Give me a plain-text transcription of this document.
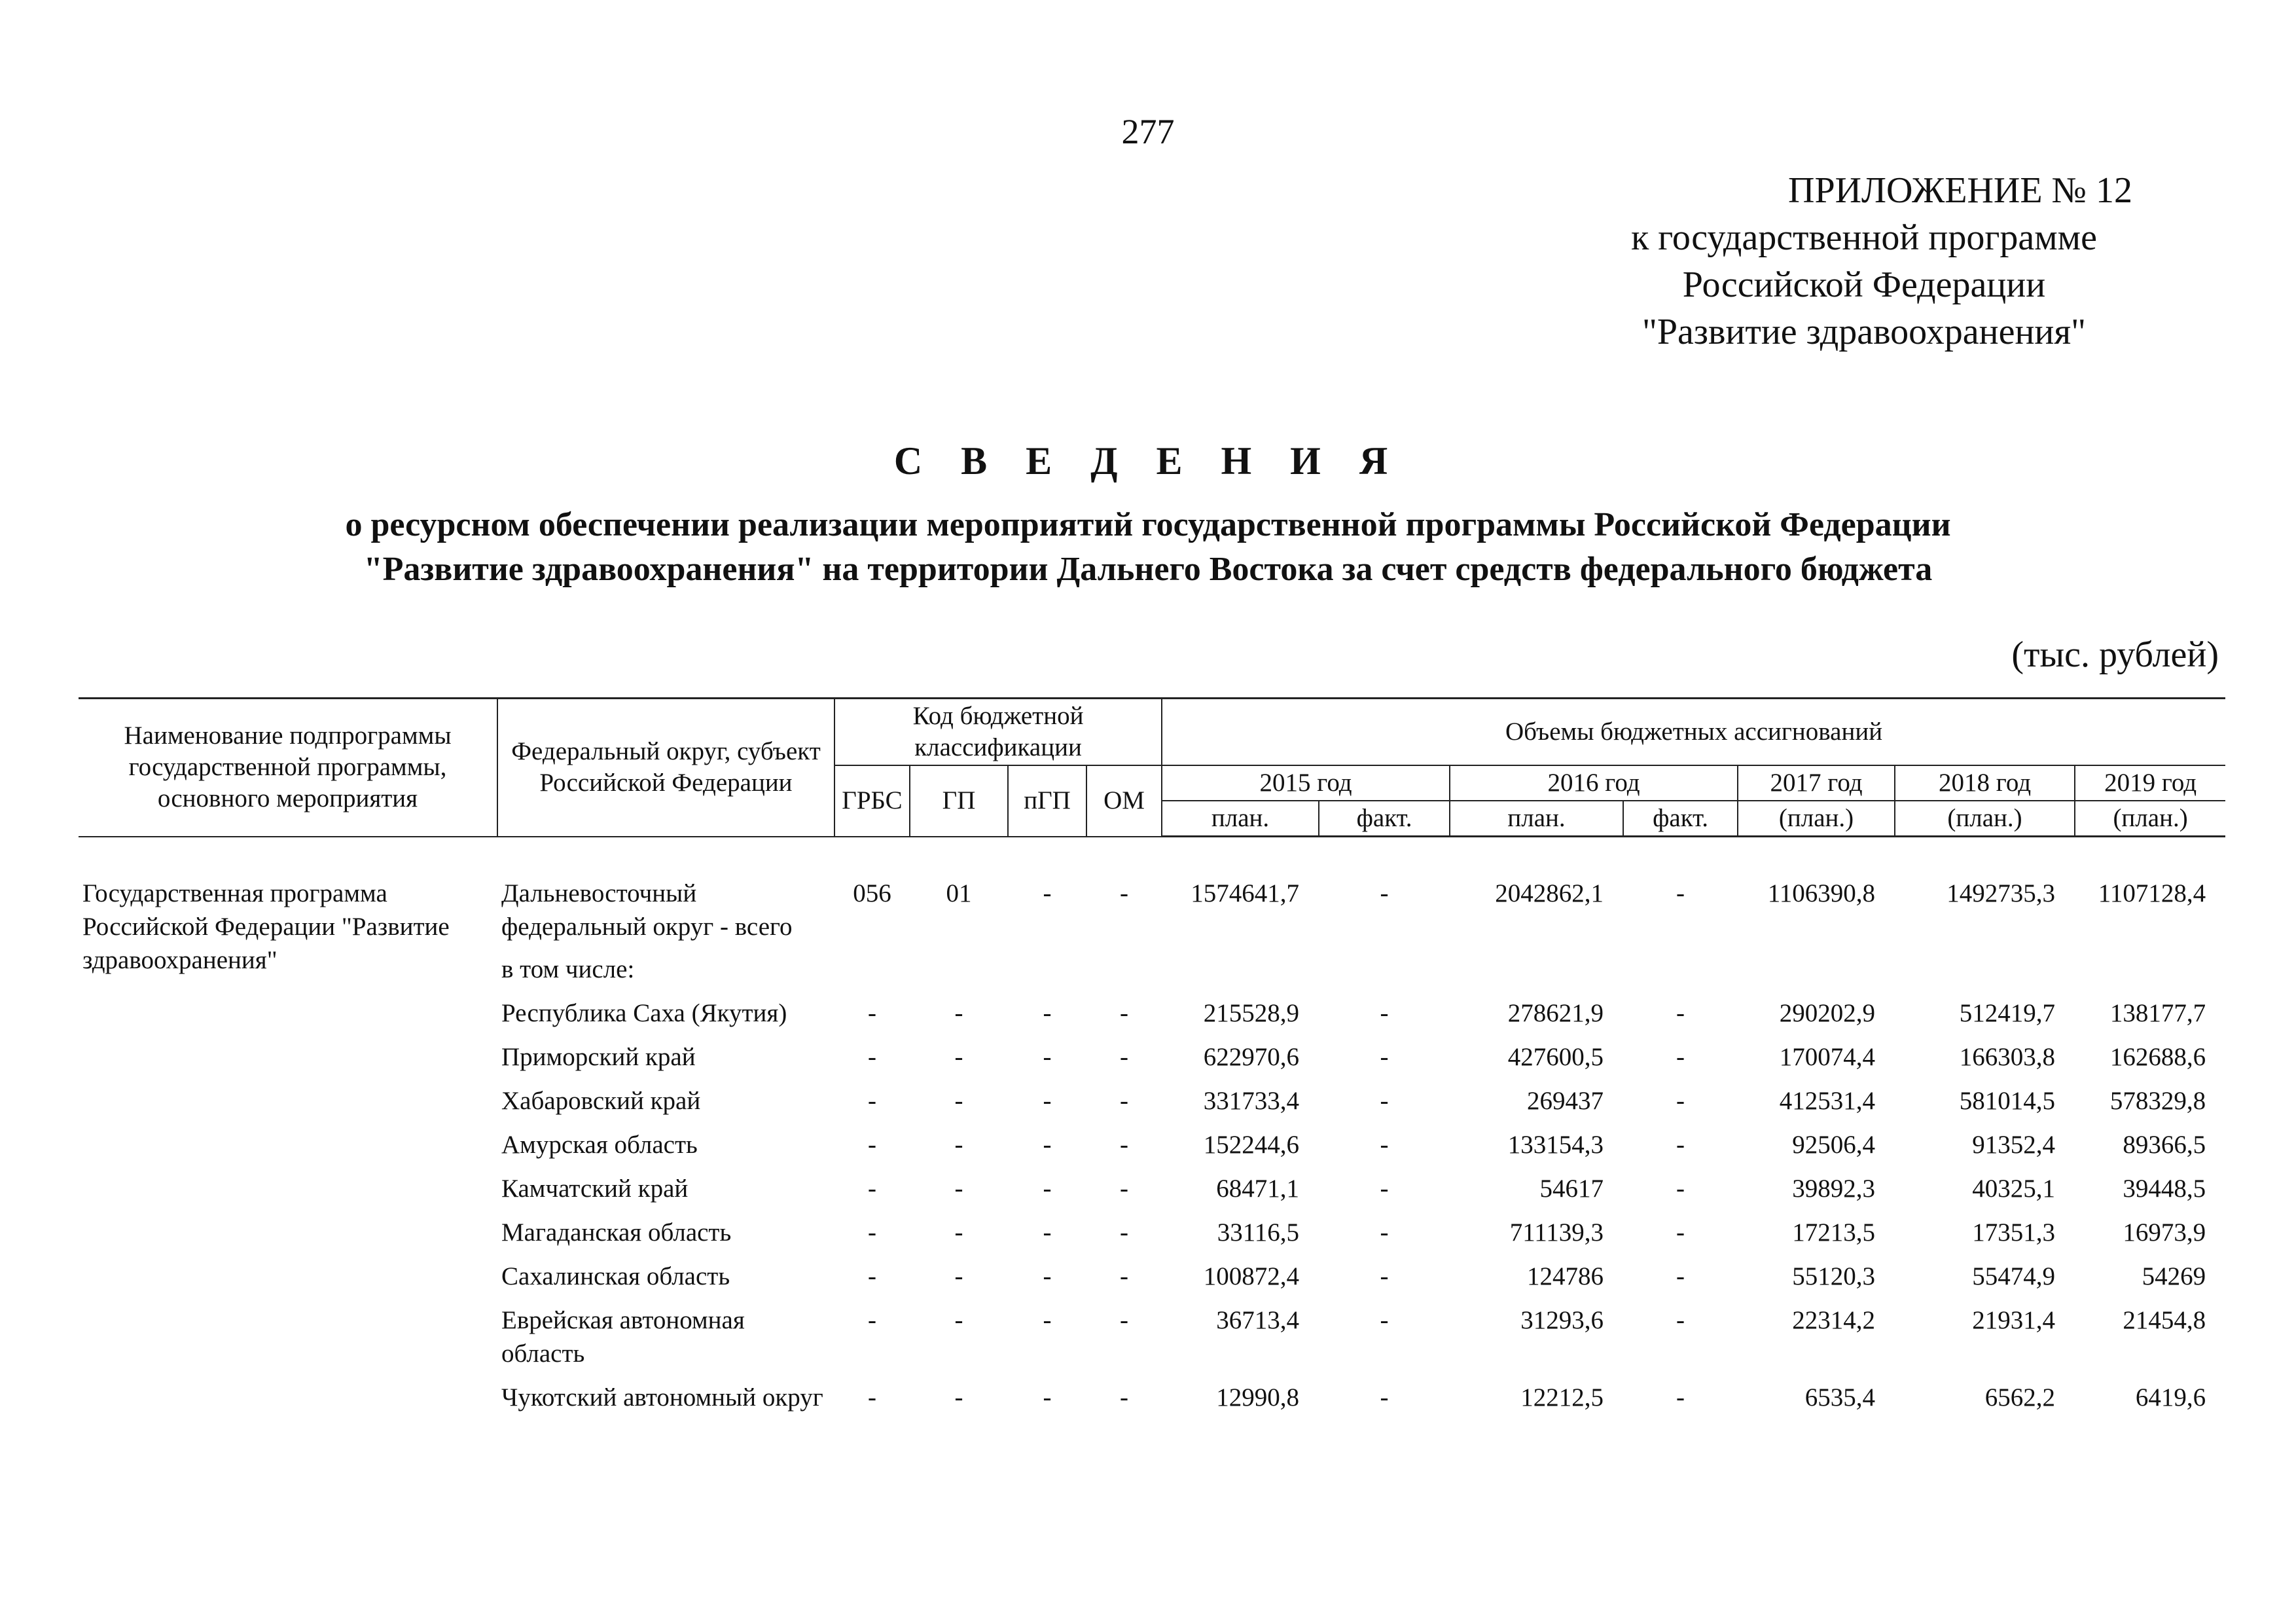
277
ПРИЛОЖЕНИЕ № 12
к государственной программе
Российской Федерации
"Развитие здравоохранения"
С В Е Д Е Н И Я
о ресурсном обеспечении реализации мероприятий государственной программы Российской Федерации
"Развитие здравоохранения" на территории Дальнего Востока за счет средств федерального бюджета
(тыс. рублей)
Наименование подпрограммы государственной программы, основного мероприятия	Федеральный округ, субъект Российской Федерации	Код бюджетной классификации				Объемы бюджетных ассигнований						
		ГРБС	ГП	пГП	ОМ	2015 год		2016 год		2017 год	2018 год	2019 год
						план.	факт.	план.	факт.	(план.)	(план.)	(план.)

Государственная программа Российской Федерации "Развитие здравоохранения"	Дальневосточный федеральный округ - всего	056	01	-	-	1574641,7	-	2042862,1	-	1106390,8	1492735,3	1107128,4
	в том числе:											
	Республика Саха (Якутия)	-	-	-	-	215528,9	-	278621,9	-	290202,9	512419,7	138177,7
	Приморский край	-	-	-	-	622970,6	-	427600,5	-	170074,4	166303,8	162688,6
	Хабаровский край	-	-	-	-	331733,4	-	269437	-	412531,4	581014,5	578329,8
	Амурская область	-	-	-	-	152244,6	-	133154,3	-	92506,4	91352,4	89366,5
	Камчатский край	-	-	-	-	68471,1	-	54617	-	39892,3	40325,1	39448,5
	Магаданская область	-	-	-	-	33116,5	-	711139,3	-	17213,5	17351,3	16973,9
	Сахалинская область	-	-	-	-	100872,4	-	124786	-	55120,3	55474,9	54269
	Еврейская автономная область	-	-	-	-	36713,4	-	31293,6	-	22314,2	21931,4	21454,8
	Чукотский автономный округ	-	-	-	-	12990,8	-	12212,5	-	6535,4	6562,2	6419,6
